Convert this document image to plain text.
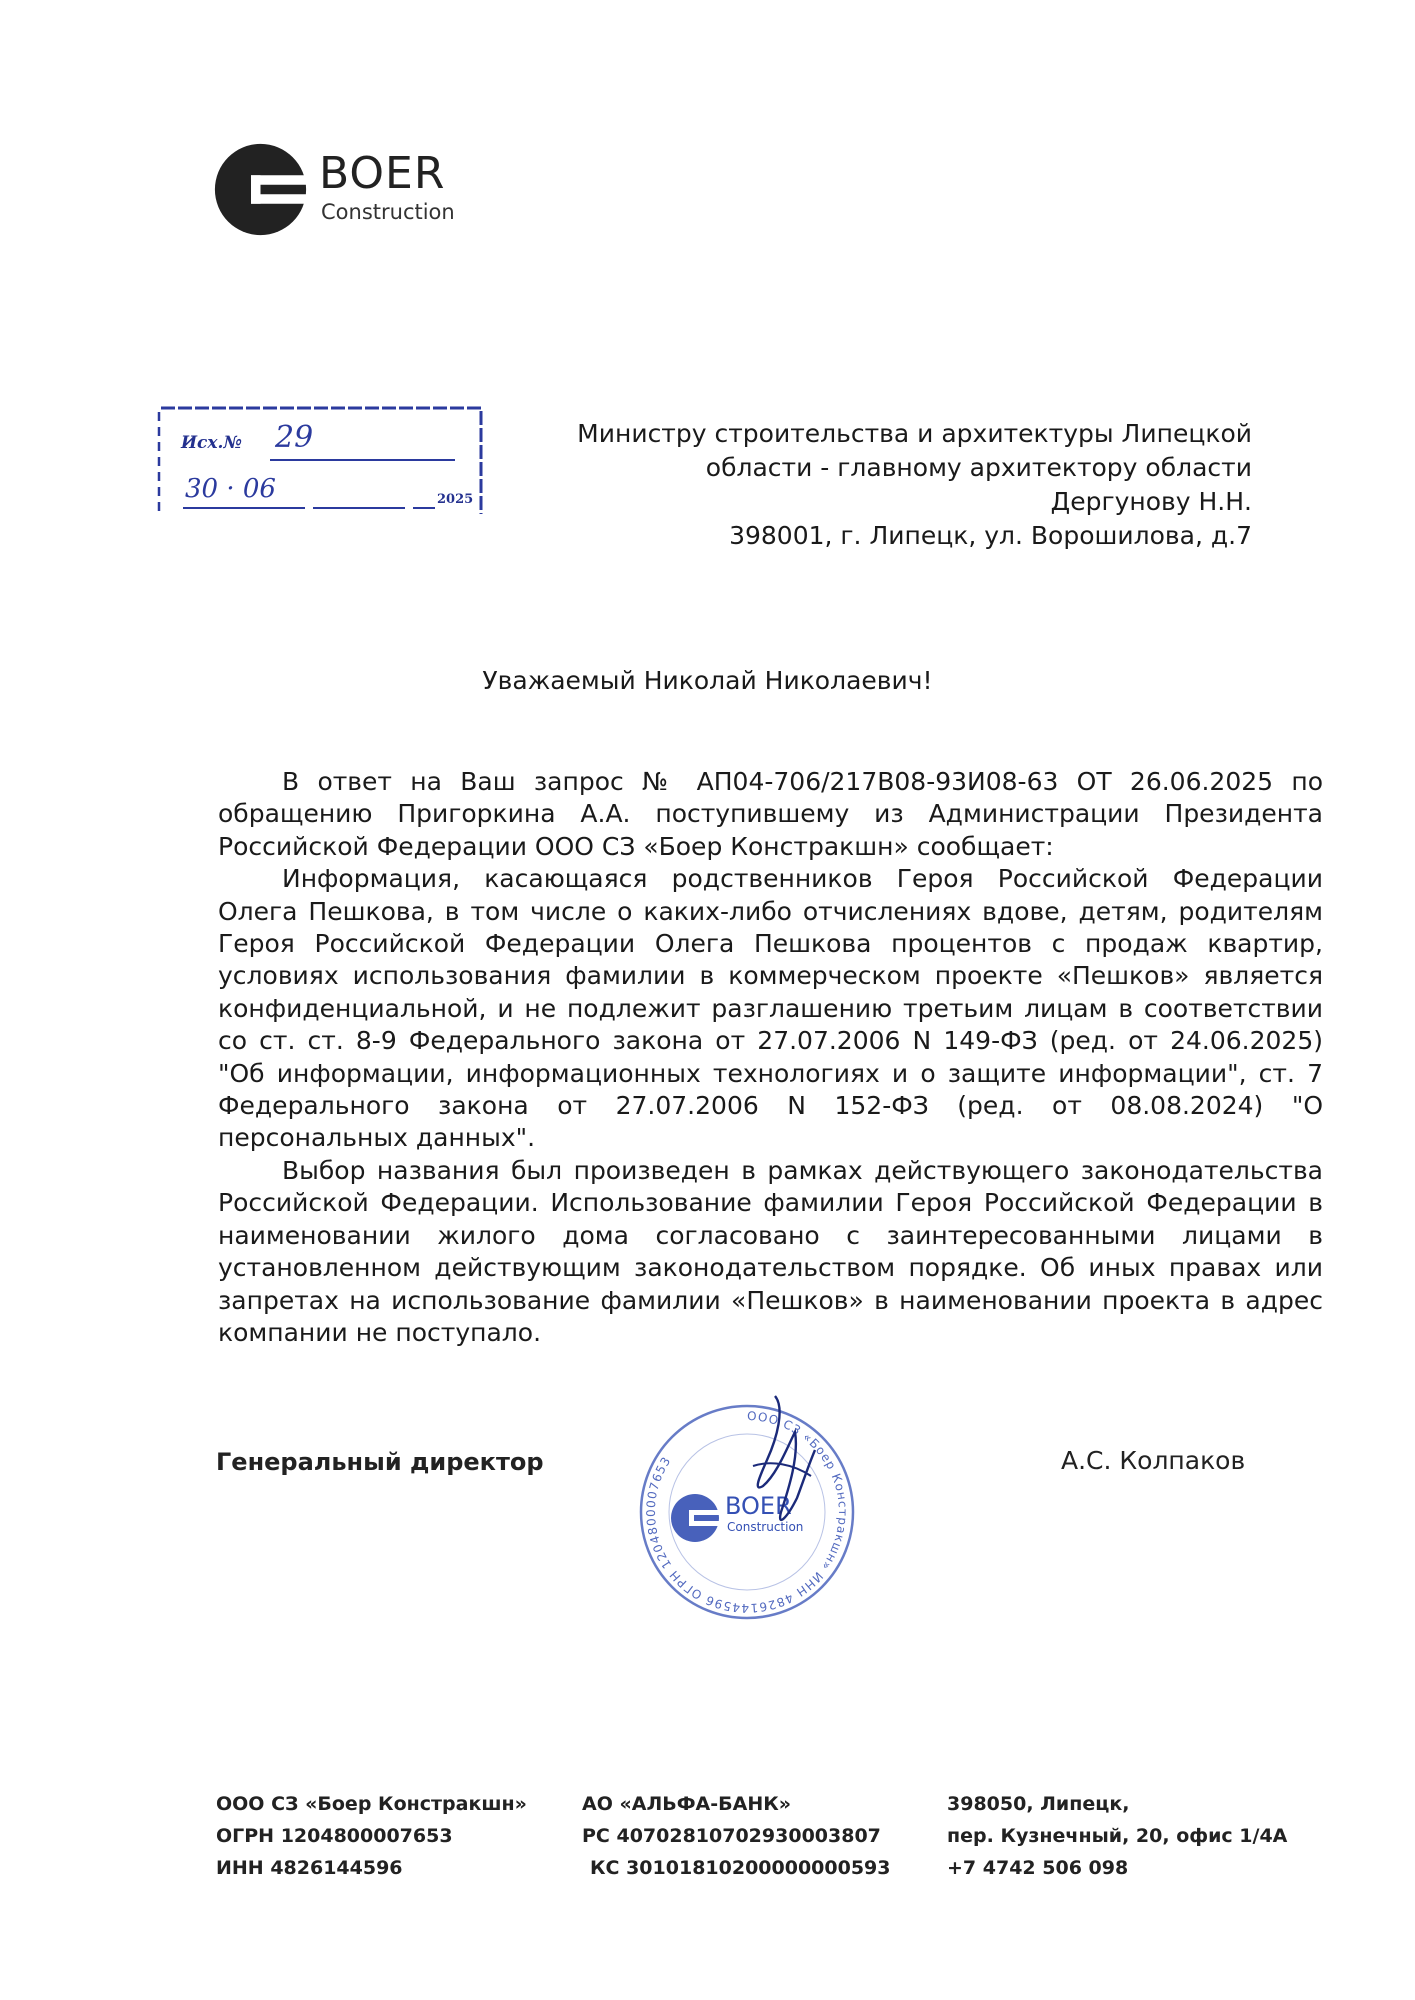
BOER
Construction
Исх.№ 29
30 · 06	2025
Министру строительства и архитектуры Липецкой
области - главному архитектору области
Дергунову Н.Н.
398001, г. Липецк, ул. Ворошилова, д.7
Уважаемый Николай Николаевич!

В ответ на Ваш запрос № АП04-706/217В08-93И08-63 ОТ 26.06.2025 по обращению Пригоркина А.А. поступившему из Администрации Президента Российской Федерации ООО СЗ «Боер Констракшн» сообщает:

Информация, касающаяся родственников Героя Российской Федерации Олега Пешкова, в том числе о каких-либо отчислениях вдове, детям, родителям Героя Российской Федерации Олега Пешкова процентов с продаж квартир, условиях использования фамилии в коммерческом проекте «Пешков» является конфиденциальной, и не подлежит разглашению третьим лицам в соответствии со ст. ст. 8-9 Федерального закона от 27.07.2006 N 149-ФЗ (ред. от 24.06.2025) "Об информации, информационных технологиях и о защите информации", ст. 7 Федерального закона от 27.07.2006 N 152-ФЗ (ред. от 08.08.2024) "О персональных данных".

Выбор названия был произведен в рамках действующего законодательства Российской Федерации. Использование фамилии Героя Российской Федерации в наименовании жилого дома согласовано с заинтересованными лицами в установленном действующим законодательством порядке. Об иных правах или запретах на использование фамилии «Пешков» в наименовании проекта в адрес компании не поступало.

Генеральный директор	А.С. Колпаков
ООО СЗ «Боер Констракшн» ИНН 4826144596 ОГРН 1204800007653
BOER
Construction
ООО СЗ «Боер Констракшн»
ОГРН 1204800007653
ИНН 4826144596
АО «АЛЬФА-БАНК»
РС 40702810702930003807
КС 30101810200000000593
398050, Липецк,
пер. Кузнечный, 20, офис 1/4А
+7 4742 506 098
